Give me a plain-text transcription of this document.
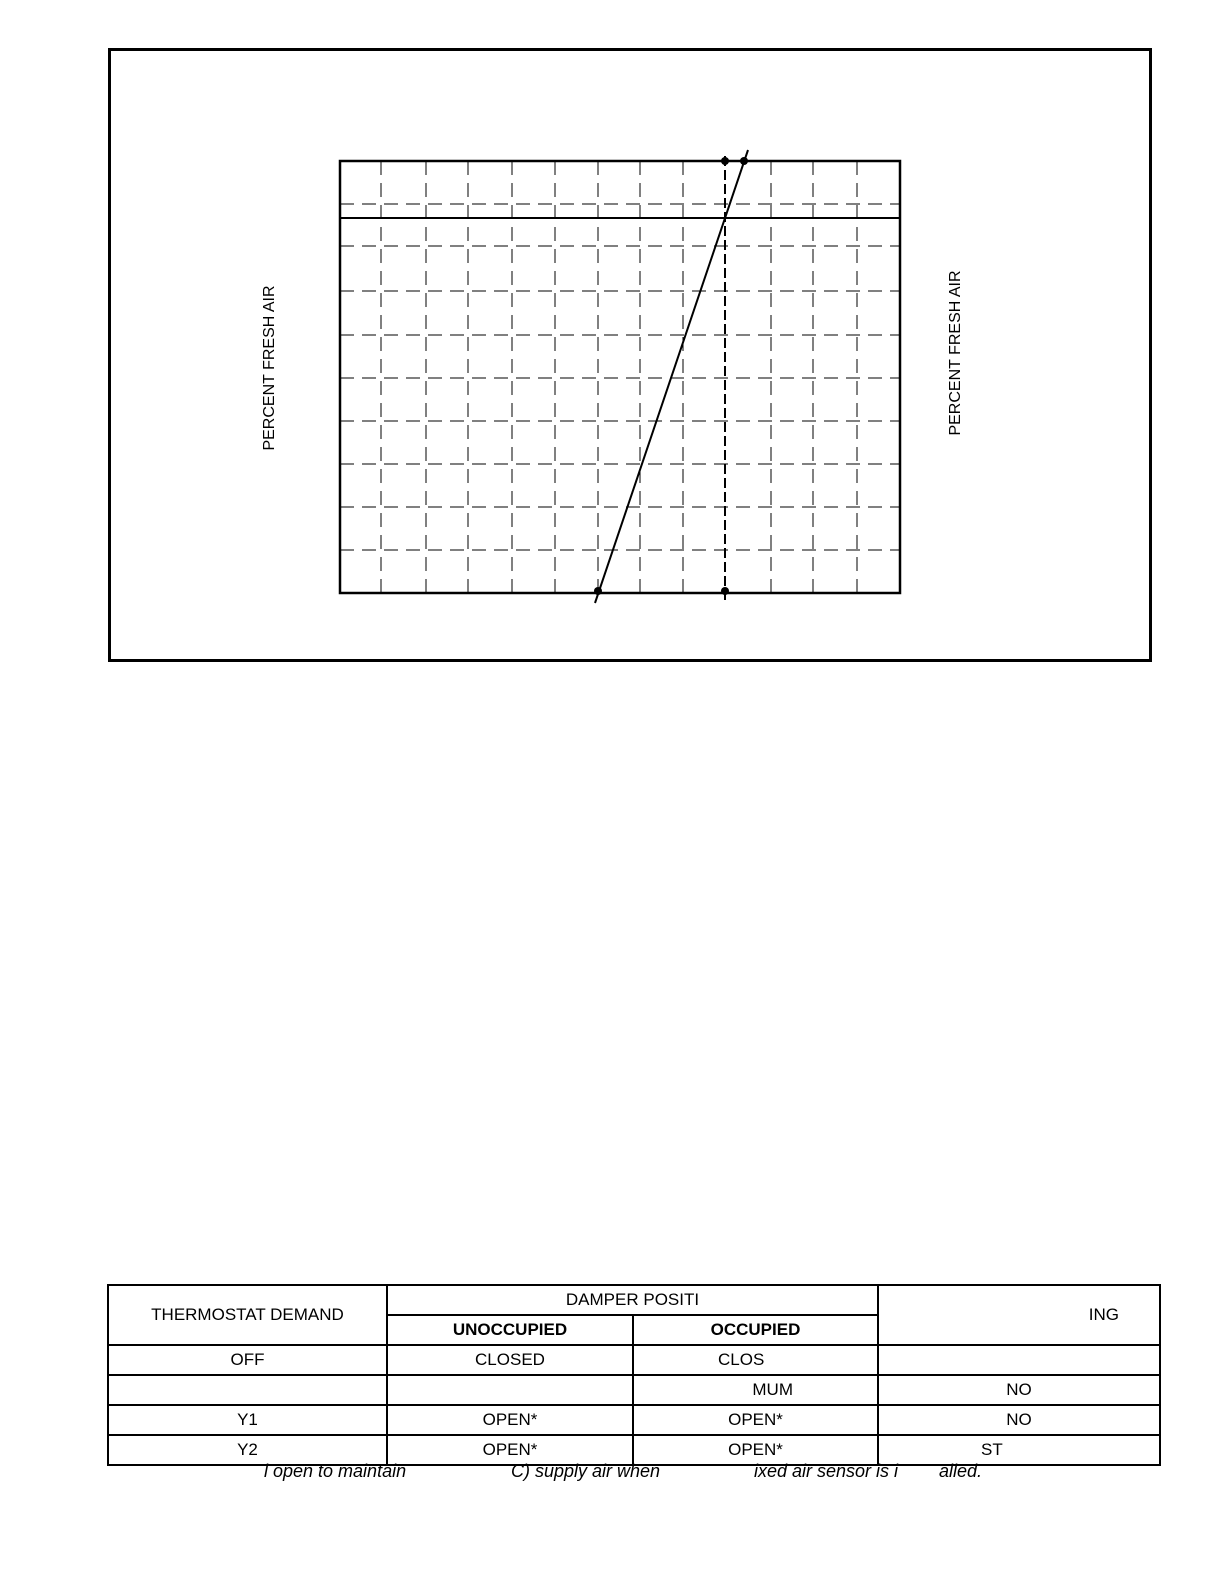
PERCENT FRESH AIR	PERCENT FRESH AIR
THERMOSTAT DEMAND	DAMPER POSITI		ING
	UNOCCUPIED	OCCUPIED	
OFF	CLOSED	CLOS	
		MUM	NO
Y1	OPEN*	OPEN*	NO
Y2	OPEN*	OPEN*	ST

l open to maintain

	C) supply air when

	ixed air sensor is i

alled.
